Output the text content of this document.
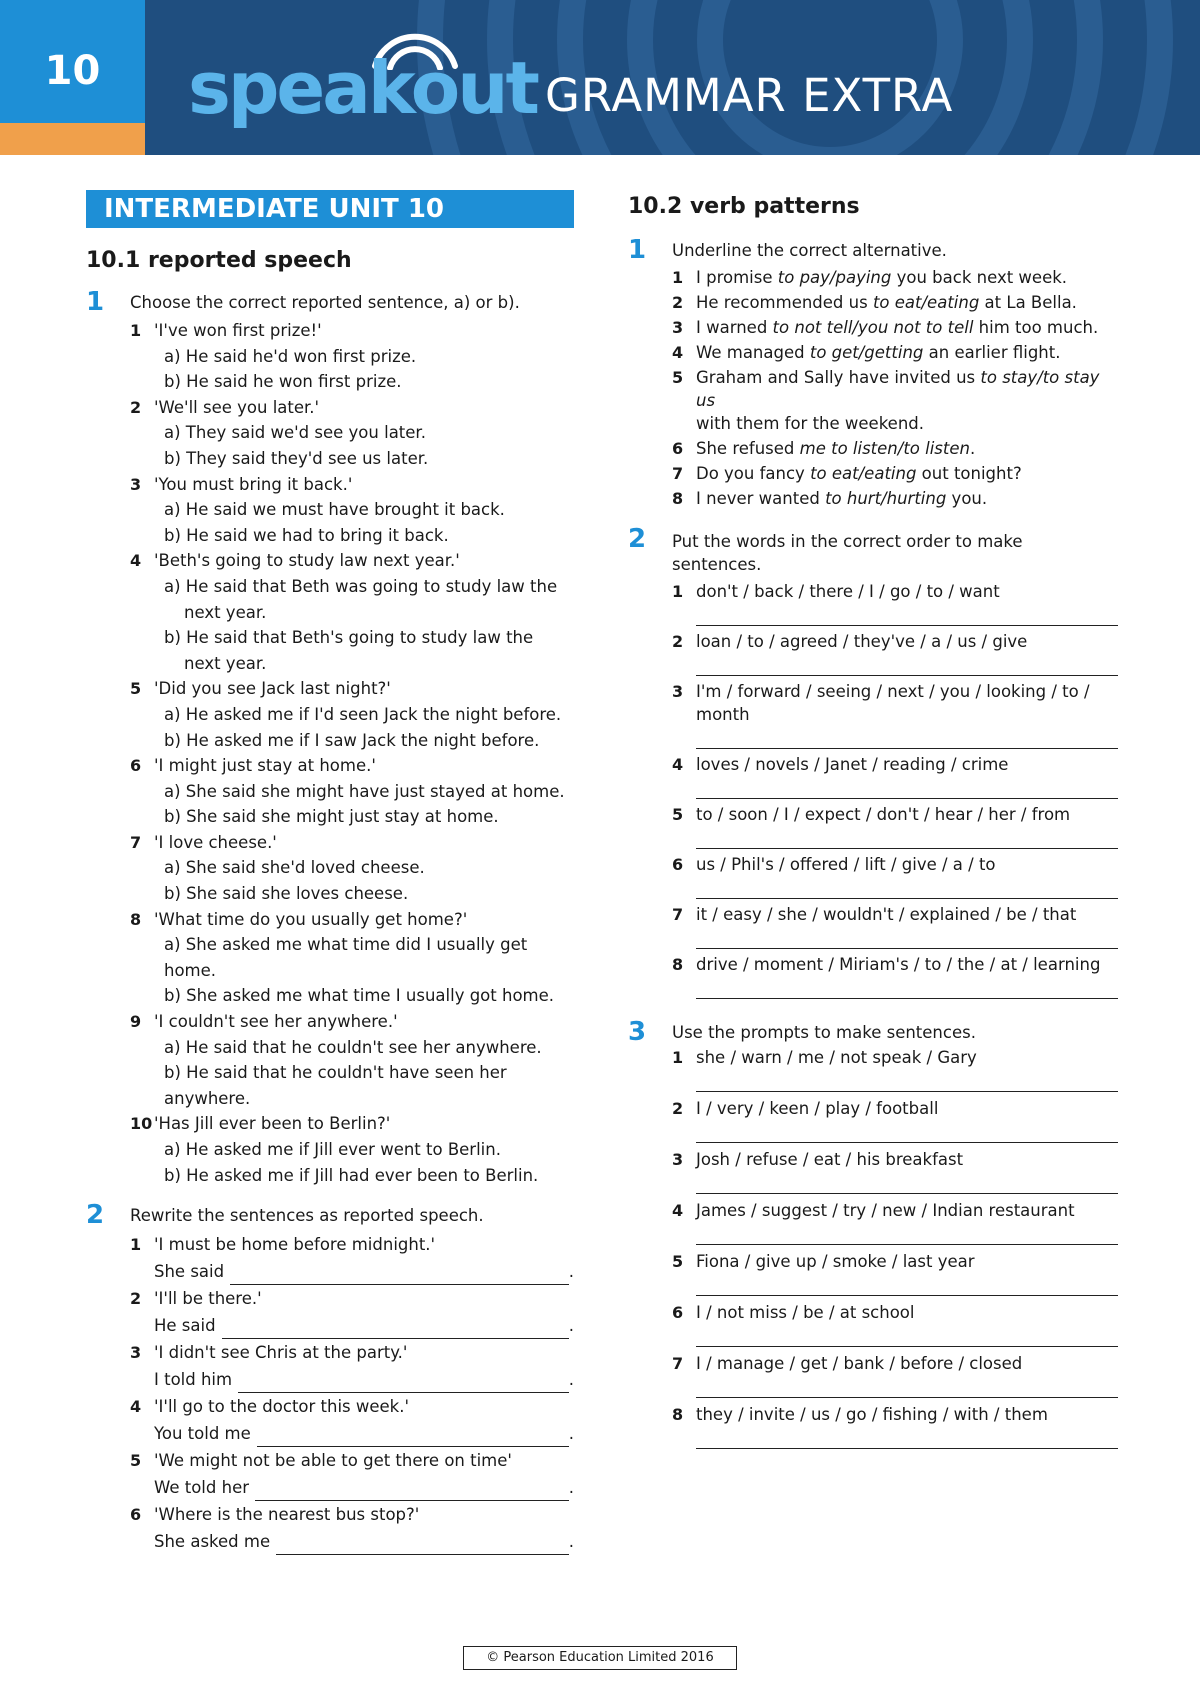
10	speakout GRAMMAR EXTRA
INTERMEDIATE UNIT 10
10.1 reported speech
1 Choose the correct reported sentence, a) or b).

1 'I've won first prize!'
a) He said he'd won first prize.
b) He said he won first prize.
2 'We'll see you later.'
a) They said we'd see you later.
b) They said they'd see us later.
3 'You must bring it back.'
a) He said we must have brought it back.
b) He said we had to bring it back.
4 'Beth's going to study law next year.'
a) He said that Beth was going to study law the
next year.
b) He said that Beth's going to study law the
next year.
5 'Did you see Jack last night?'
a) He asked me if I'd seen Jack the night before.
b) He asked me if I saw Jack the night before.
6 'I might just stay at home.'
a) She said she might have just stayed at home.
b) She said she might just stay at home.
7 'I love cheese.'
a) She said she'd loved cheese.
b) She said she loves cheese.
8 'What time do you usually get home?'
a) She asked me what time did I usually get home.
b) She asked me what time I usually got home.
9 'I couldn't see her anywhere.'
a) He said that he couldn't see her anywhere.
b) He said that he couldn't have seen her anywhere.
10 'Has Jill ever been to Berlin?'
a) He asked me if Jill ever went to Berlin.
b) He asked me if Jill had ever been to Berlin.
2 Rewrite the sentences as reported speech.

1 'I must be home before midnight.'
She said	.
2 'I'll be there.'
He said	.
3 'I didn't see Chris at the party.'
I told him	.
4 'I'll go to the doctor this week.'
You told me	.
5 'We might not be able to get there on time'
We told her	.
6 'Where is the nearest bus stop?'
She asked me	.
10.2 verb patterns
1 Underline the correct alternative.

1 I promise to pay/paying you back next week.
2 He recommended us to eat/eating at La Bella.
3 I warned to not tell/you not to tell him too much.
4 We managed to get/getting an earlier flight.
5 Graham and Sally have invited us to stay/to stay us
with them for the weekend.
6 She refused me to listen/to listen.
7 Do you fancy to eat/eating out tonight?
8 I never wanted to hurt/hurting you.
2 Put the words in the correct order to make
sentences.

1 don't / back / there / I / go / to / want
2 loan / to / agreed / they've / a / us / give
3 I'm / forward / seeing / next / you / looking / to /
month
4 loves / novels / Janet / reading / crime
5 to / soon / I / expect / don't / hear / her / from
6 us / Phil's / offered / lift / give / a / to
7 it / easy / she / wouldn't / explained / be / that
8 drive / moment / Miriam's / to / the / at / learning
3 Use the prompts to make sentences.

1 she / warn / me / not speak / Gary
2 I / very / keen / play / football
3 Josh / refuse / eat / his breakfast
4 James / suggest / try / new / Indian restaurant
5 Fiona / give up / smoke / last year
6 I / not miss / be / at school
7 I / manage / get / bank / before / closed
8 they / invite / us / go / fishing / with / them
© Pearson Education Limited 2016
